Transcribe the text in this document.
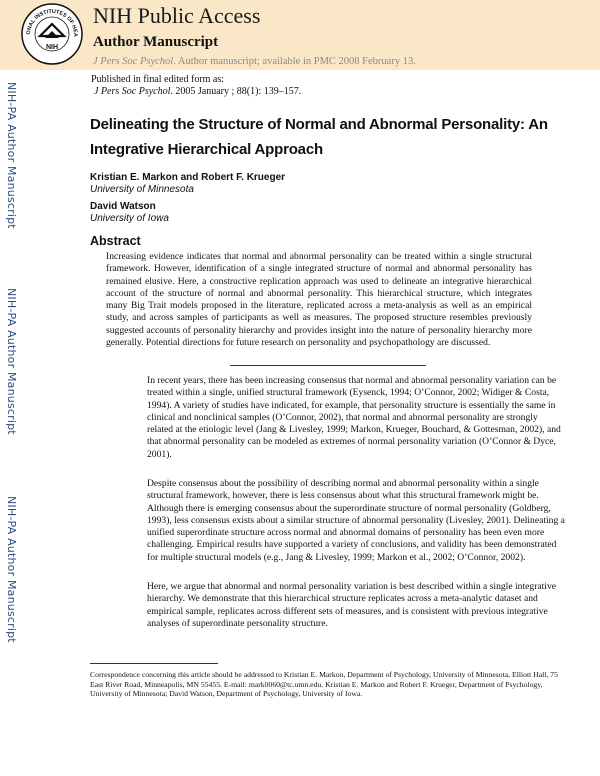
ONAL INSTITUTES OF HEA
NIH
NIH Public Access
Author Manuscript
J Pers Soc Psychol. Author manuscript; available in PMC 2008 February 13.
NIH-PA Author Manuscript
NIH-PA Author Manuscript
NIH-PA Author Manuscript
Published in final edited form as:
J Pers Soc Psychol. 2005 January ; 88(1): 139–157.
Delineating the Structure of Normal and Abnormal Personality: An Integrative Hierarchical Approach
Kristian E. Markon and Robert F. Krueger
University of Minnesota
David Watson
University of Iowa
Abstract
Increasing evidence indicates that normal and abnormal personality can be treated within a single structural framework. However, identification of a single integrated structure of normal and abnormal personality has remained elusive. Here, a constructive replication approach was used to delineate an integrative hierarchical account of the structure of normal and abnormal personality. This hierarchical structure, which integrates many Big Trait models proposed in the literature, replicated across a meta-analysis as well as an empirical study, and across samples of participants as well as measures. The proposed structure resembles previously suggested accounts of personality hierarchy and provides insight into the nature of personality hierarchy more generally. Potential directions for future research on personality and psychopathology are discussed.
In recent years, there has been increasing consensus that normal and abnormal personality variation can be treated within a single, unified structural framework (Eysenck, 1994; O’Connor, 2002; Widiger & Costa, 1994). A variety of studies have indicated, for example, that personality structure is essentially the same in clinical and nonclinical samples (O’Connor, 2002), that normal and abnormal personality are strongly related at the etiologic level (Jang & Livesley, 1999; Markon, Krueger, Bouchard, & Gottesman, 2002), and that abnormal personality can be modeled as extremes of normal personality variation (O’Connor & Dyce, 2001).
Despite consensus about the possibility of describing normal and abnormal personality within a single structural framework, however, there is less consensus about what this structural framework might be. Although there is emerging consensus about the superordinate structure of normal personality (Goldberg, 1993), less consensus exists about a similar structure of abnormal personality (Livesley, 2001). Delineating a unified superordinate structure across normal and abnormal domains of personality has been even more challenging. Empirical results have supported a variety of conclusions, and validity has been demonstrated for multiple structural models (e.g., Jang & Livesley, 1999; Markon et al., 2002; O’Connor, 2002).
Here, we argue that abnormal and normal personality variation is best described within a single integrative hierarchy. We demonstrate that this hierarchical structure replicates across a meta-analytic dataset and empirical sample, replicates across different sets of measures, and is consistent with previous integrative analyses of superordinate personality structure.
Correspondence concerning this article should be addressed to Kristian E. Markon, Department of Psychology, University of Minnesota, Elliott Hall, 75 East River Road, Minneapolis, MN 55455. E-mail: mark0060@tc.umn.edu. Kristian E. Markon and Robert F. Krueger, Department of Psychology, University of Minnesota; David Watson, Department of Psychology, University of Iowa.
